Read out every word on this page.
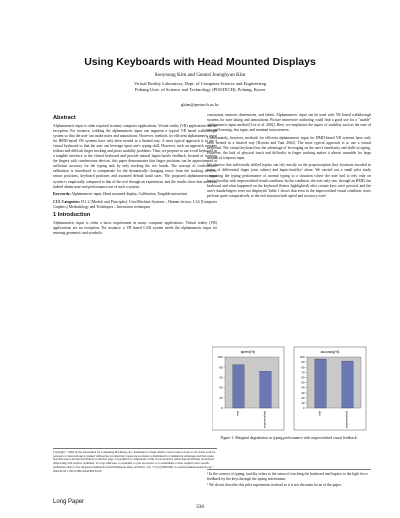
Using Keyboards with Head Mounted Displays
Sooyoung Kim and Gerard Jounghyun Kim
Virtual Reality Laboratory, Dept. of Computer Science and Engineering
Pohang Univ. of Science and Technology (POSTECH), Pohang, Korea
gkim@postech.ac.kr
Abstract

Alphanumeric input is often required in many computer applications. Virtual reality (VR) applications are no exception. For instance, walking the alphanumeric input can augment a typical VR based walkthrough system so that the user can make notes and annotations. However, methods for efficient alphanumeric input for HMD-based VR systems have only been treated in a limited way. A most typical approach is to use a virtual keyboard so that the user can leverage upon one's typing skill. However, such an approach requires tedious and difficult finger tracking and poses usability problems. Thus, we propose to use a real keyboard as a tangible interface to the virtual keyboard and provide natural haptic/tactile feedback. Instead of tracking the fingers with cumbersome devices, this paper demonstrates that finger positions can be approximated at sufficient accuracy for the typing task by only tracking the two hands. The concept of conformance calibration is introduced to compensate for the dynamically changing errors from the tracking devices, sensor positions, keyboard positions and assumed default hand sizes. The proposed alphanumeric input system is empirically compared to that of the real through an experiment, and the results show that users can indeed obtain near-real performance out of such a system.

Keywords: Alphanumeric input, Head mounted display, Calibration, Tangible interaction
CCS Categories: H.1.2 [Models and Principles]: User/Machine Systems – Human factors; I.3.6 [Computer Graphics] Methodology and Techniques – Interaction techniques
1 Introduction

Alphanumeric input is often a basic requirement in many computer applications. Virtual reality (VR) applications are no exception. For instance, a VR based CAD system needs the alphanumeric input for entering geometric and symbolic

constraints, numeric dimensions, and labels. Alphanumeric input can be used with VR based walkthrough systems for note taking and annotations. Picture immersive authoring could find a good use for a "usable" alphanumeric input method [Lee et al. 2002]. Here, we emphasize the aspect of usability such as the ease of use and learning, fast input, and minimal intrusiveness.

Unfortunately, however, methods for efficient alphanumeric input for HMD-based VR systems have only been treated in a limited way [Kiyoda and Tani 2002]. The most typical approach is to use a virtual keyboard. The virtual keyboard has the advantage of leveraging on the user's familiarity and skills in typing. However, the lack of physical touch and difficulty in finger tracking makes it almost unusable for large amount of frequent input.

We observe that sufficiently skilled typists can rely mostly on the proprioception (key locations encoded in terms of differential finger joint values) and haptic/tactility¹ alone. We carried out a small pilot study comparing the typing performance of normal typing to a situation where the user had to rely only on haptic/tactility with impoverished visual condition. In this condition, the user only saw, through an HMD, the keyboard and what happened on the keyboard (letters highlighted) after certain keys were pressed, and the user's hands/fingers were not displayed. Table 1 shows that even in the impoverished visual condition, users perform quite comparatively to the real situation both speed and accuracy wise².

speed(%)
0
20
40
60
80
100
real	impoverished
accuracy(%)
0
10
20
30
40
50
60
70
80
90
100
real	impoverished
Figure 1: Marginal degradation in typing performance with impoverished visual feedback.

¹ In the context of typing, tactility refers to the sense of touching the keyboard and haptics to the light force feedback by the keys through the spring mechanism.

² We do not describe this pilot experiment in detail as it is not the main focus of the paper.

Copyright © 2004 by the Association for Computing Machinery, Inc. Permission to make digital or hard copies of part or all of this work for personal or classroom use is granted without fee provided that copies are not made or distributed for commercial advantage and that copies bear this notice and the full citation on the first page. Copyrights for components of this work owned by others than ACM must be honored. Abstracting with credit is permitted. To copy otherwise, to republish, to post on servers, or to redistribute to lists, requires prior specific permission and/or a fee. Request permissions from Permissions Dept, ACM Inc., fax +1 (212) 869-0481 or e-mail permissions@acm.org © 2004 ACM 1-58113-884-9/04/0006 $5.00
Long Paper
336
